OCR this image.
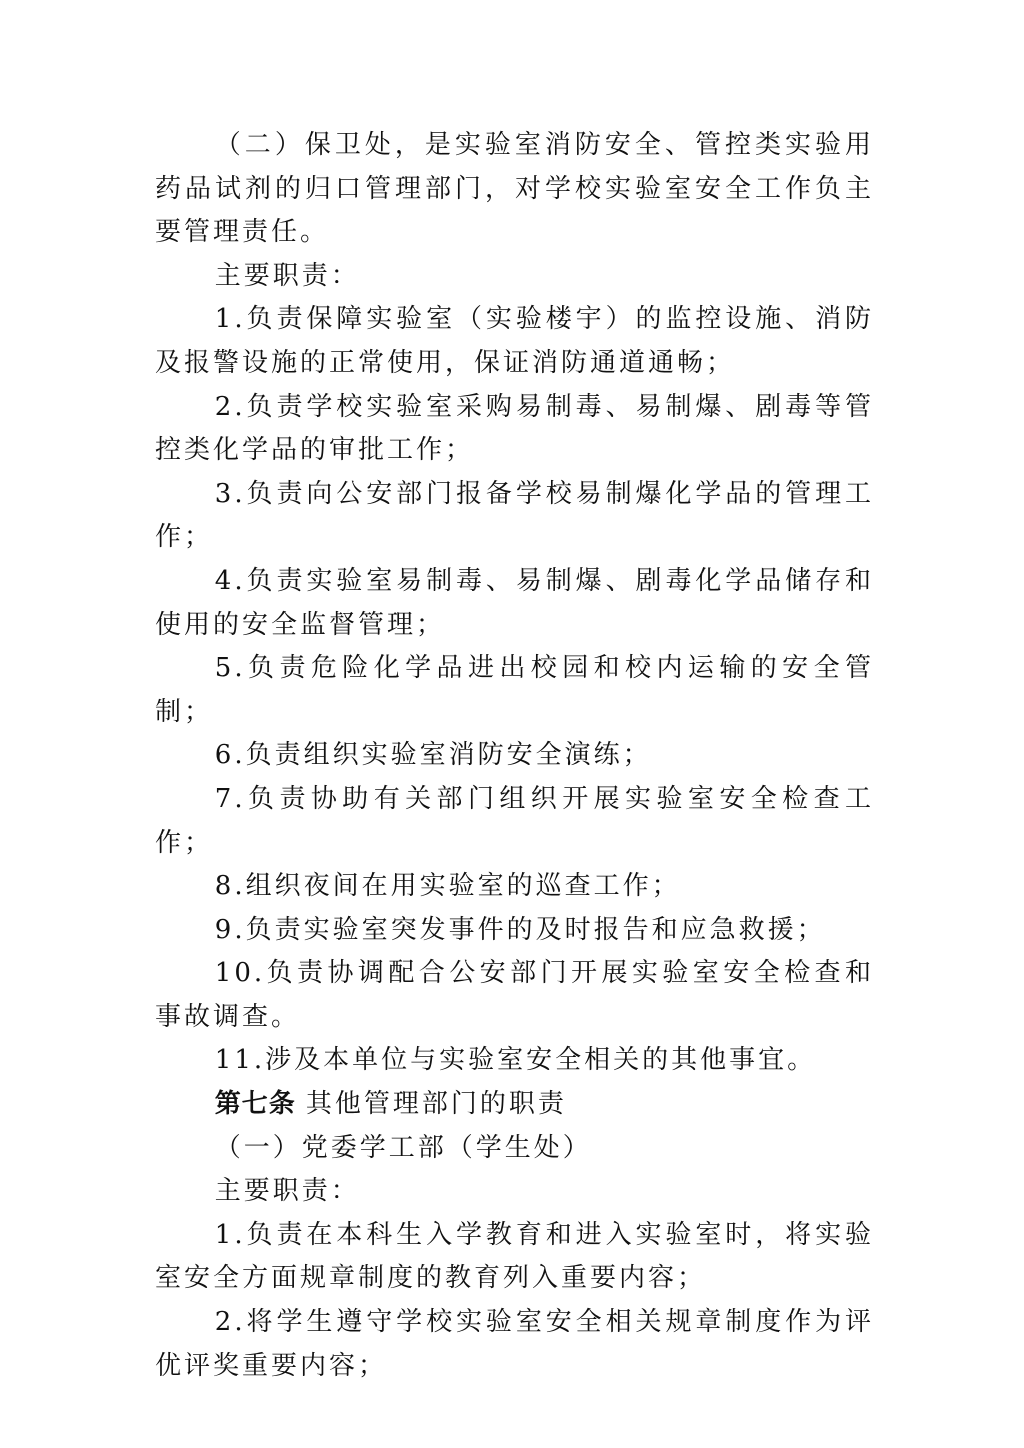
（二）保卫处，是实验室消防安全、管控类实验用药品试剂的归口管理部门，对学校实验室安全工作负主要管理责任。

主要职责：

1.负责保障实验室（实验楼宇）的监控设施、消防及报警设施的正常使用，保证消防通道通畅；

2.负责学校实验室采购易制毒、易制爆、剧毒等管控类化学品的审批工作；

3.负责向公安部门报备学校易制爆化学品的管理工作；

4.负责实验室易制毒、易制爆、剧毒化学品储存和使用的安全监督管理；

5.负责危险化学品进出校园和校内运输的安全管制；

6.负责组织实验室消防安全演练；

7.负责协助有关部门组织开展实验室安全检查工作；

8.组织夜间在用实验室的巡查工作；

9.负责实验室突发事件的及时报告和应急救援；

10.负责协调配合公安部门开展实验室安全检查和事故调查。

11.涉及本单位与实验室安全相关的其他事宜。

第七条 其他管理部门的职责

（一）党委学工部（学生处）

主要职责：

1.负责在本科生入学教育和进入实验室时，将实验室安全方面规章制度的教育列入重要内容；

2.将学生遵守学校实验室安全相关规章制度作为评优评奖重要内容；
